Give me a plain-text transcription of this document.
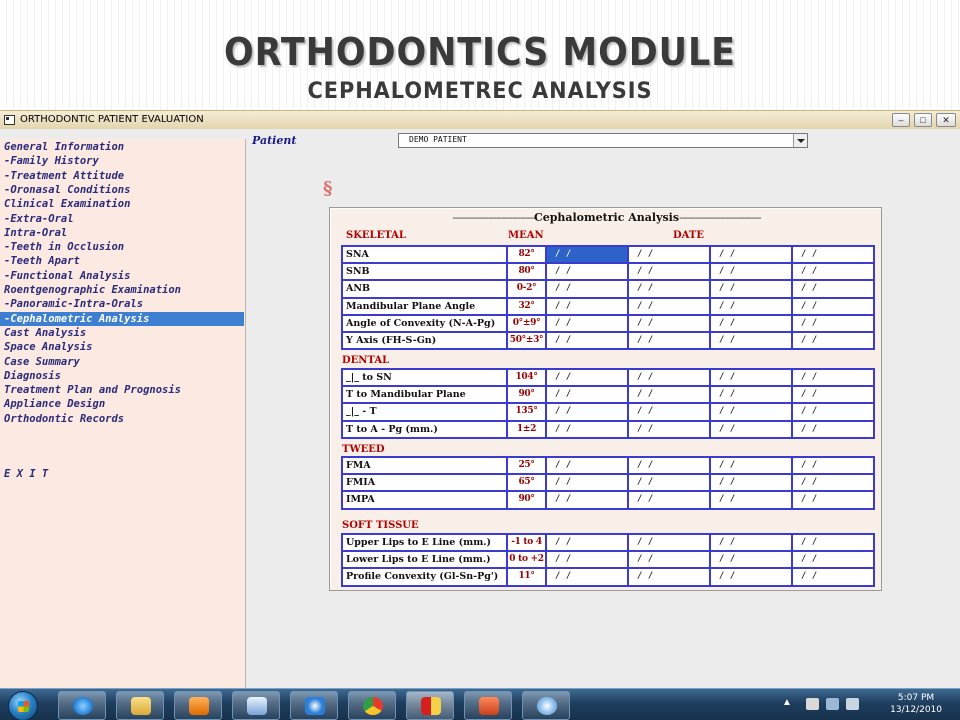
ORTHODONTICS MODULE
CEPHALOMETREC ANALYSIS
ORTHODONTIC PATIENT EVALUATION	–	□	✕
General Information
-Family History
-Treatment Attitude
-Oronasal Conditions
Clinical Examination
-Extra-Oral
Intra-Oral
-Teeth in Occlusion
-Teeth Apart
-Functional Analysis
Roentgenographic Examination
-Panoramic-Intra-Orals
-Cephalometric Analysis
Cast Analysis
Space Analysis
Case Summary
Diagnosis
Treatment Plan and Prognosis
Appliance Design
Orthodontic Records
E X I T
Patient	DEMO PATIENT
§
------------------------------Cephalometric Analysis------------------------------
SKELETAL	MEAN	DATE
SNA	82°	/ /	/ /	/ /	/ /
SNB	80°	/ /	/ /	/ /	/ /
ANB	0-2°	/ /	/ /	/ /	/ /
Mandibular Plane Angle	32°	/ /	/ /	/ /	/ /
Angle of Convexity (N-A-Pg)	0°±9°	/ /	/ /	/ /	/ /
Y Axis (FH-S-Gn)	50°±3°	/ /	/ /	/ /	/ /
DENTAL
_|_ to SN	104°	/ /	/ /	/ /	/ /
T to Mandibular Plane	90°	/ /	/ /	/ /	/ /
_|_ - T	135°	/ /	/ /	/ /	/ /
T to A - Pg (mm.)	1±2	/ /	/ /	/ /	/ /
TWEED
FMA	25°	/ /	/ /	/ /	/ /
FMIA	65°	/ /	/ /	/ /	/ /
IMPA	90°	/ /	/ /	/ /	/ /
SOFT TISSUE
Upper Lips to E Line (mm.)	-1 to 4	/ /	/ /	/ /	/ /
Lower Lips to E Line (mm.)	0 to +2	/ /	/ /	/ /	/ /
Profile Convexity (Gl-Sn-Pg')	11°	/ /	/ /	/ /	/ /
▲	5:07 PM
13/12/2010
